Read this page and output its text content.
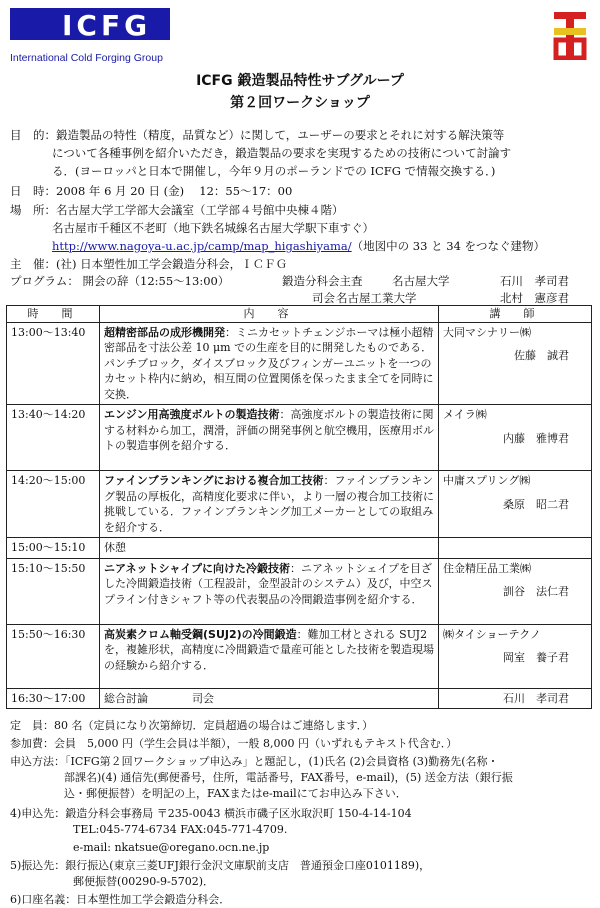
ICFG
International Cold Forging Group
ICFG 鍛造製品特性サブグループ
第２回ワークショップ
目　的：鍛造製品の特性（精度，品質など）に関して，ユーザーの要求とそれに対する解決策等
について各種事例を紹介いただき，鍛造製品の要求を実現するための技術について討論す
る．(ヨーロッパと日本で開催し，今年９月のポーランドでの ICFG で情報交換する．)
日　時：2008 年 6 月 20 日 (金)　 12：55～17：00
場　所：名古屋大学工学部大会議室（工学部４号館中央棟４階）
名古屋市千種区不老町（地下鉄名城線名古屋大学駅下車すぐ）
http://www.nagoya-u.ac.jp/camp/map_higashiyama/（地図中の 33 と 34 をつなぐ建物）
主　催：(社) 日本塑性加工学会鍛造分科会，ＩＣＦＧ
プログラム： 開会の辞（12:55～13:00）	鍛造分科会主査	名古屋大学	石川　孝司君
司会 名古屋工業大学	北村　憲彦君
時　間	内　容	講　師
13:00～13:40	超精密部品の成形機開発：ミニカセットチェンジホーマは極小超精密部品を寸法公差 10 μm での生産を目的に開発したものである．パンチブロック，ダイスブロック及びフィンガーユニットを一つのカセット枠内に納め，相互間の位置関係を保ったまま全てを同時に交換．	大同マシナリー㈱
佐藤　誠君

13:40～14:20	エンジン用高強度ボルトの製造技術：高強度ボルトの製造技術に関する材料から加工，潤滑，評価の開発事例と航空機用，医療用ボルトの製造事例を紹介する．	メイラ㈱
内藤　雅博君

14:20～15:00	ファインブランキングにおける複合加工技術：ファインブランキング製品の厚板化，高精度化要求に伴い，より一層の複合加工技術に挑戦している．ファインブランキング加工メーカーとしての取組みを紹介する．	中庸スプリング㈱
桑原　昭二君

15:00～15:10	休憩	
15:10～15:50	ニアネットシャイプに向けた冷鍛技術：ニアネットシェイプを目ざした冷間鍛造技術（工程設計，金型設計のシステム）及び，中空スプライン付きシャフト等の代表製品の冷間鍛造事例を紹介する．	住金精圧品工業㈱
訓谷　法仁君

15:50～16:30	高炭素クロム軸受鋼(SUJ2)の冷間鍛造：難加工材とされる SUJ2 を，複雑形状，高精度に冷間鍛造で量産可能とした技術を製造現場の経験から紹介する．	㈱タイショーテクノ
岡室　養子君

16:30～17:00	総合討論　　　　司会	石川　孝司君
定　員：80 名（定員になり次第締切．定員超過の場合はご連絡します．）
参加費：会員　5,000 円（学生会員は半額），一般 8,000 円（いずれもテキスト代含む．）
申込方法：「ICFG第２回ワークショップ申込み」と題記し，(1)氏名 (2)会員資格 (3)勤務先(名称・
部課名)(4) 通信先(郵便番号，住所，電話番号，FAX番号，e-mail)，(5) 送金方法（銀行振
込・郵便振替）を明記の上，FAXまたはe-mailにてお申込み下さい．
4)申込先：鍛造分科会事務局 〒235-0043 横浜市磯子区氷取沢町 150-4-14-104
TEL:045-774-6734 FAX:045-771-4709.
e-mail: nkatsue@oregano.ocn.ne.jp
5)振込先：銀行振込(東京三菱UFJ銀行金沢文庫駅前支店　普通預金口座0101189)，
郵便振替(00290-9-5702)．
6)口座名義：日本塑性加工学会鍛造分科会．
